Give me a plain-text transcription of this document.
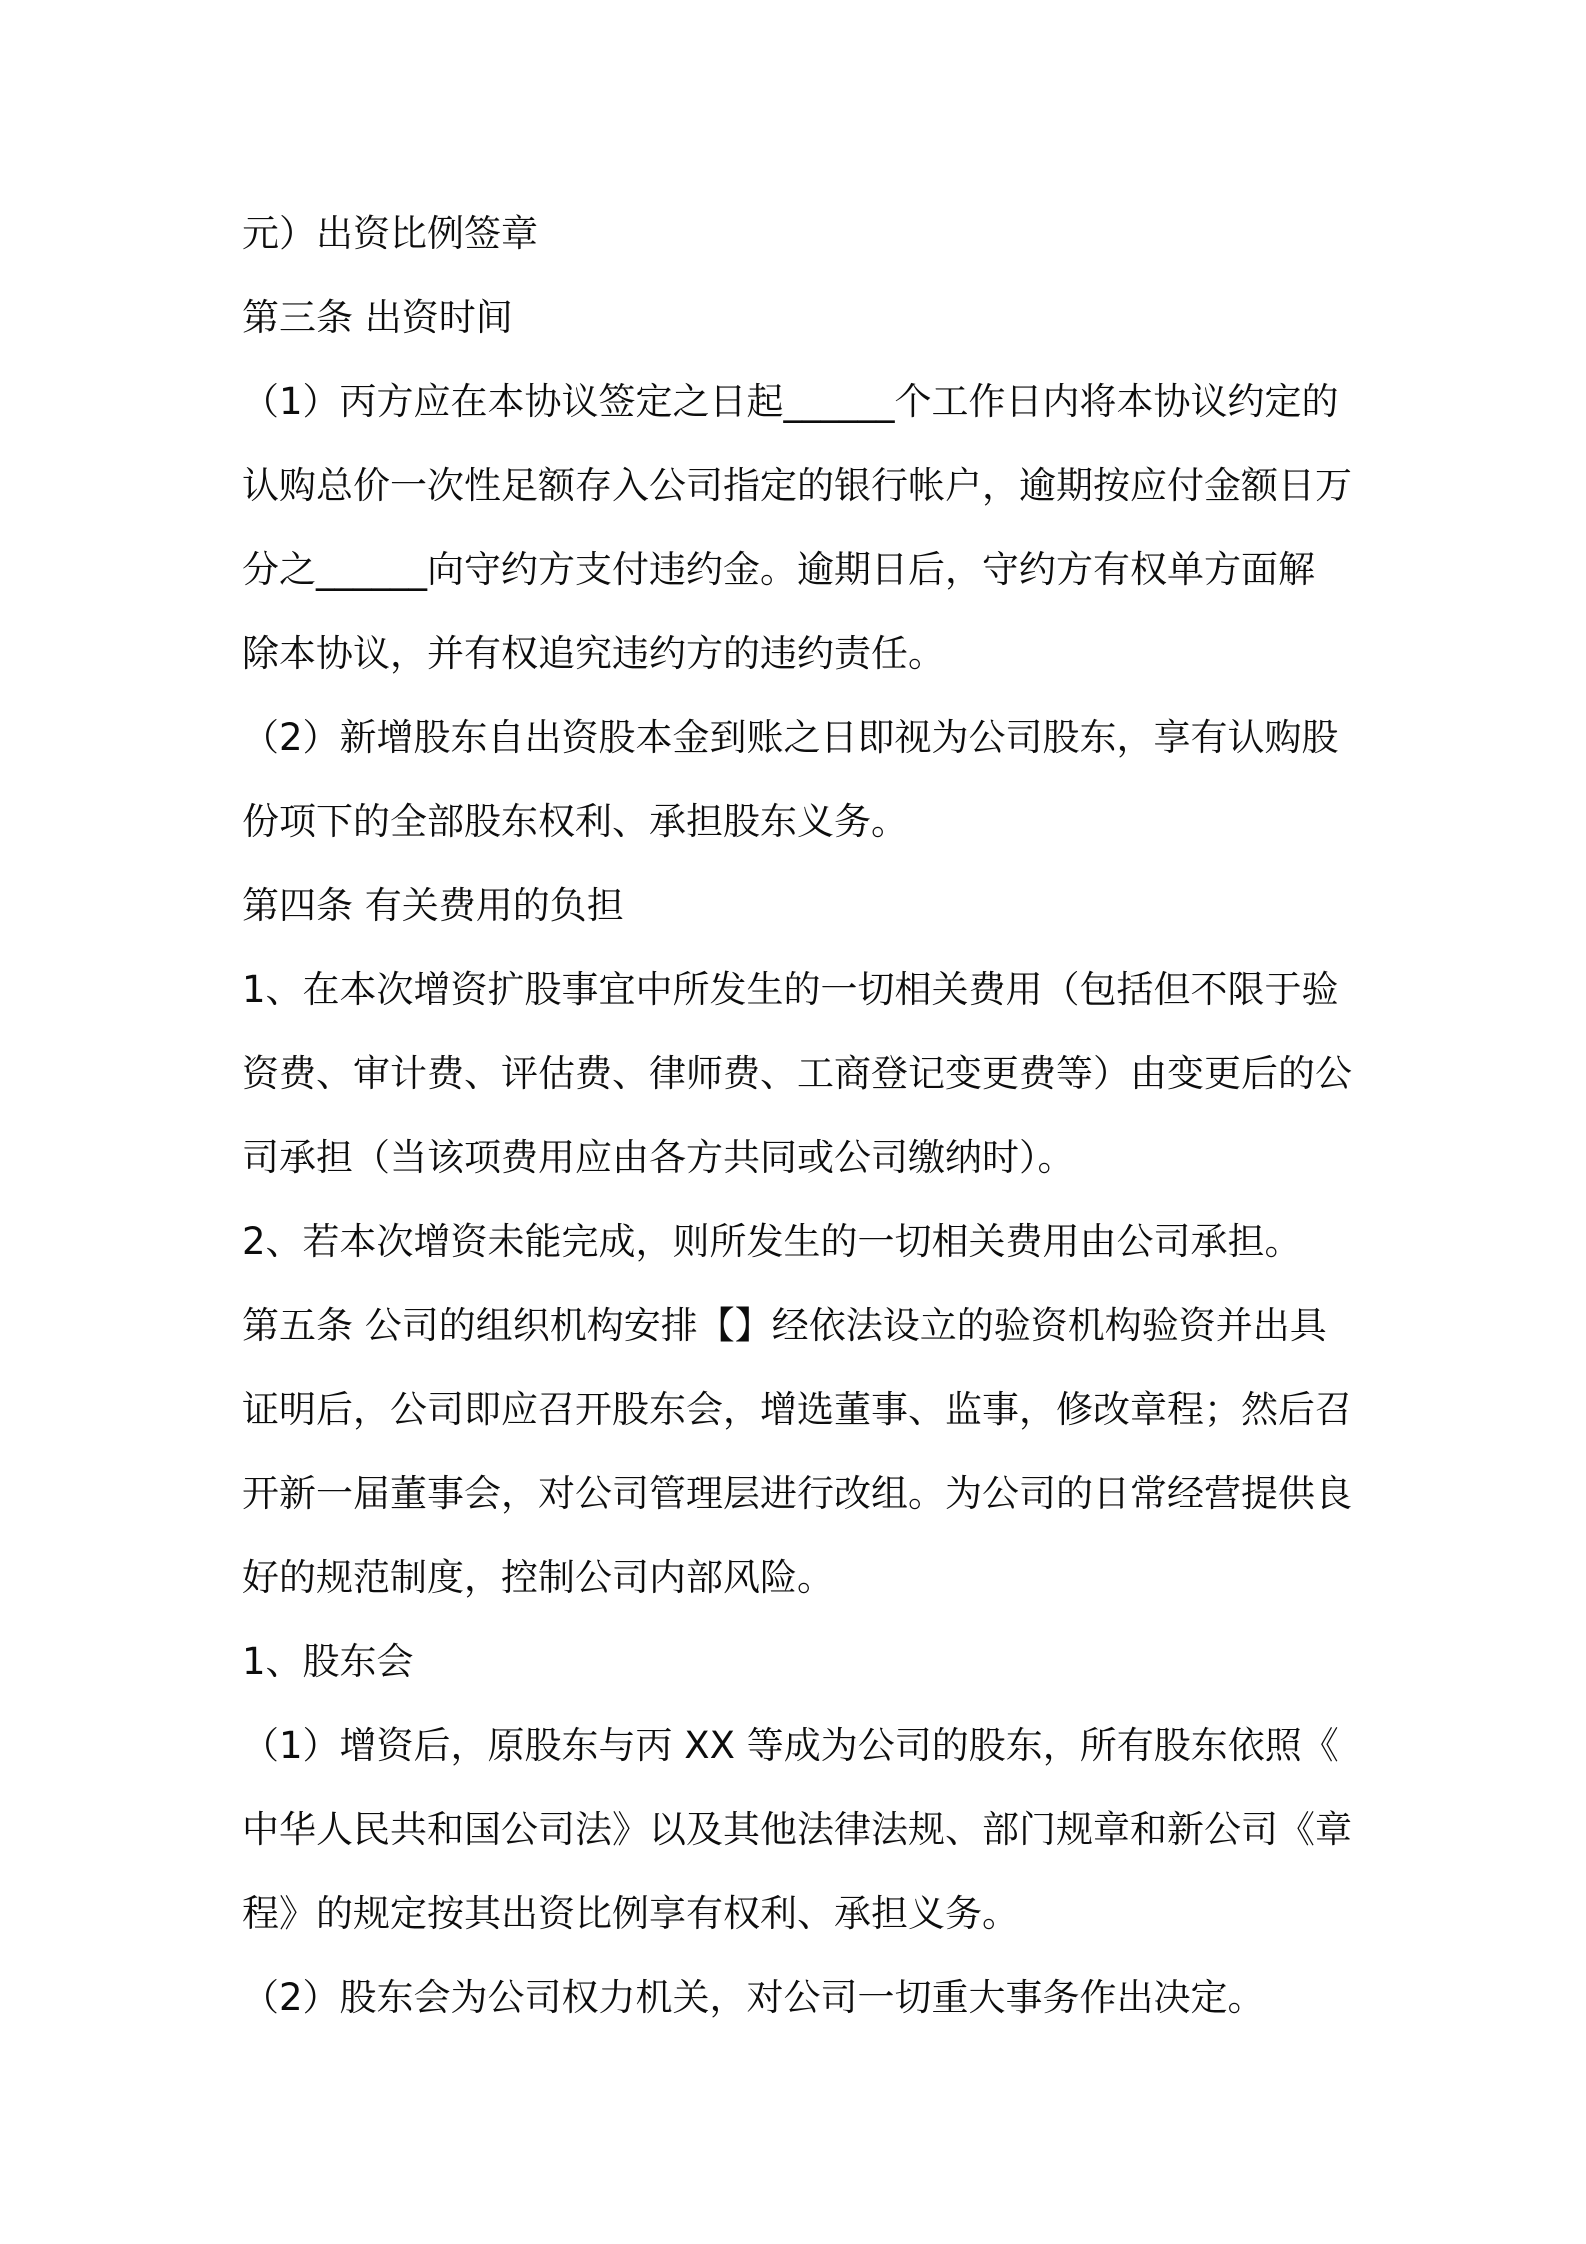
元）出资比例签章

第三条 出资时间

（1）丙方应在本协议签定之日起______个工作日内将本协议约定的

认购总价一次性足额存入公司指定的银行帐户，逾期按应付金额日万

分之______向守约方支付违约金。逾期日后，守约方有权单方面解

除本协议，并有权追究违约方的违约责任。

（2）新增股东自出资股本金到账之日即视为公司股东，享有认购股

份项下的全部股东权利、承担股东义务。

第四条 有关费用的负担

1、在本次增资扩股事宜中所发生的一切相关费用（包括但不限于验

资费、审计费、评估费、律师费、工商登记变更费等）由变更后的公

司承担（当该项费用应由各方共同或公司缴纳时）。

2、若本次增资未能完成，则所发生的一切相关费用由公司承担。

第五条 公司的组织机构安排【】经依法设立的验资机构验资并出具

证明后，公司即应召开股东会，增选董事、监事，修改章程；然后召

开新一届董事会，对公司管理层进行改组。为公司的日常经营提供良

好的规范制度，控制公司内部风险。

1、股东会

（1）增资后，原股东与丙 XX 等成为公司的股东，所有股东依照《

中华人民共和国公司法》以及其他法律法规、部门规章和新公司《章

程》的规定按其出资比例享有权利、承担义务。

（2）股东会为公司权力机关，对公司一切重大事务作出决定。
